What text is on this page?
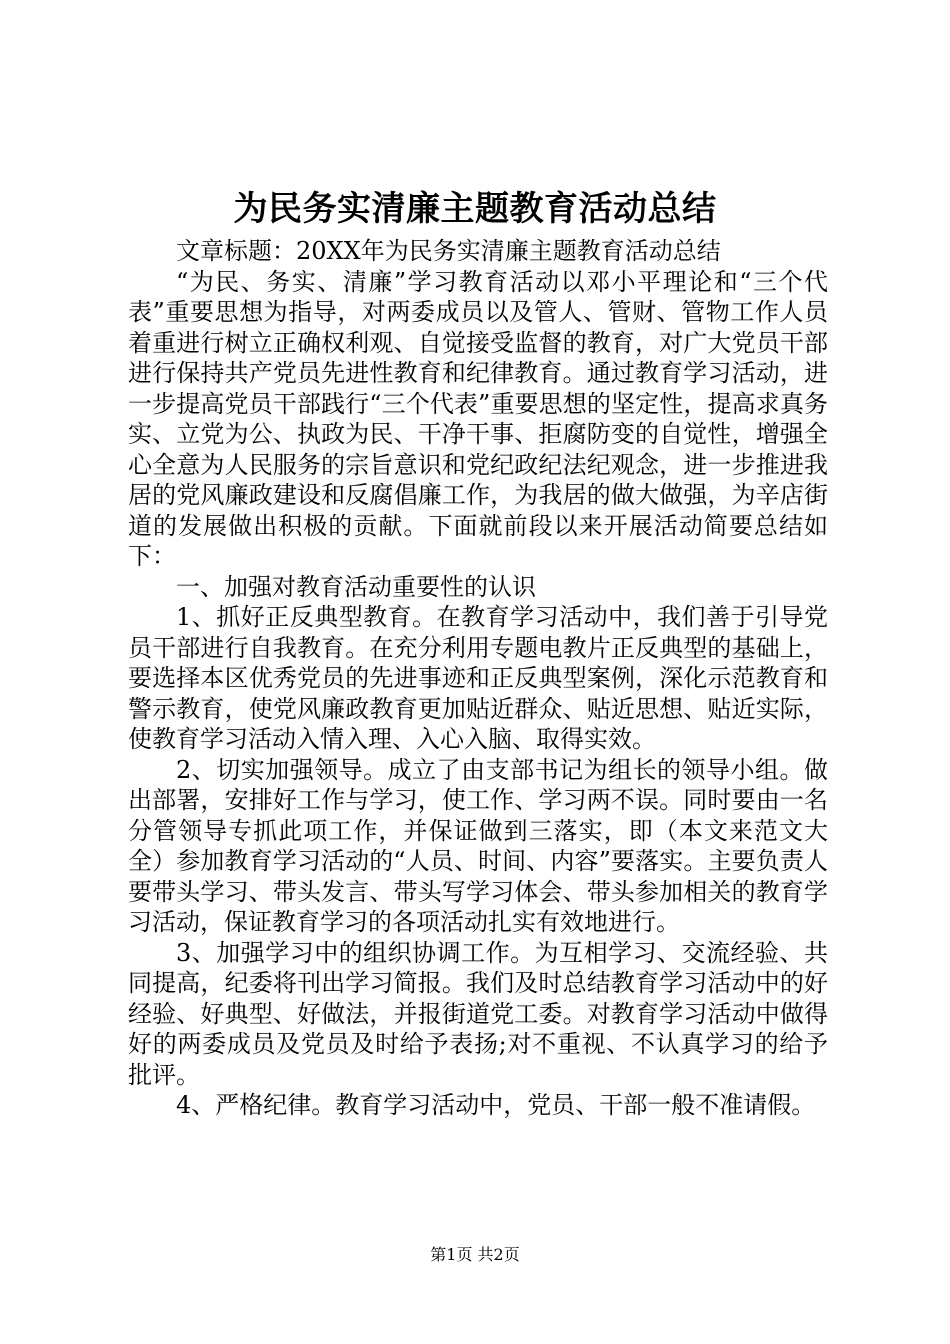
为民务实清廉主题教育活动总结

文章标题：20XX年为民务实清廉主题教育活动总结

“为民、务实、清廉”学习教育活动以邓小平理论和“三个代表”重要思想为指导，对两委成员以及管人、管财、管物工作人员着重进行树立正确权利观、自觉接受监督的教育，对广大党员干部进行保持共产党员先进性教育和纪律教育。通过教育学习活动，进一步提高党员干部践行“三个代表”重要思想的坚定性，提高求真务实、立党为公、执政为民、干净干事、拒腐防变的自觉性，增强全心全意为人民服务的宗旨意识和党纪政纪法纪观念，进一步推进我居的党风廉政建设和反腐倡廉工作，为我居的做大做强，为辛店街道的发展做出积极的贡献。下面就前段以来开展活动简要总结如下：

一、加强对教育活动重要性的认识

1、抓好正反典型教育。在教育学习活动中，我们善于引导党员干部进行自我教育。在充分利用专题电教片正反典型的基础上，要选择本区优秀党员的先进事迹和正反典型案例，深化示范教育和警示教育，使党风廉政教育更加贴近群众、贴近思想、贴近实际，使教育学习活动入情入理、入心入脑、取得实效。

2、切实加强领导。成立了由支部书记为组长的领导小组。做出部署，安排好工作与学习，使工作、学习两不误。同时要由一名分管领导专抓此项工作，并保证做到三落实，即（本文来范文大全）参加教育学习活动的“人员、时间、内容”要落实。主要负责人要带头学习、带头发言、带头写学习体会、带头参加相关的教育学习活动，保证教育学习的各项活动扎实有效地进行。

3、加强学习中的组织协调工作。为互相学习、交流经验、共同提高，纪委将刊出学习简报。我们及时总结教育学习活动中的好经验、好典型、好做法，并报街道党工委。对教育学习活动中做得好的两委成员及党员及时给予表扬;对不重视、不认真学习的给予批评。

4、严格纪律。教育学习活动中，党员、干部一般不准请假。

第1页 共2页
